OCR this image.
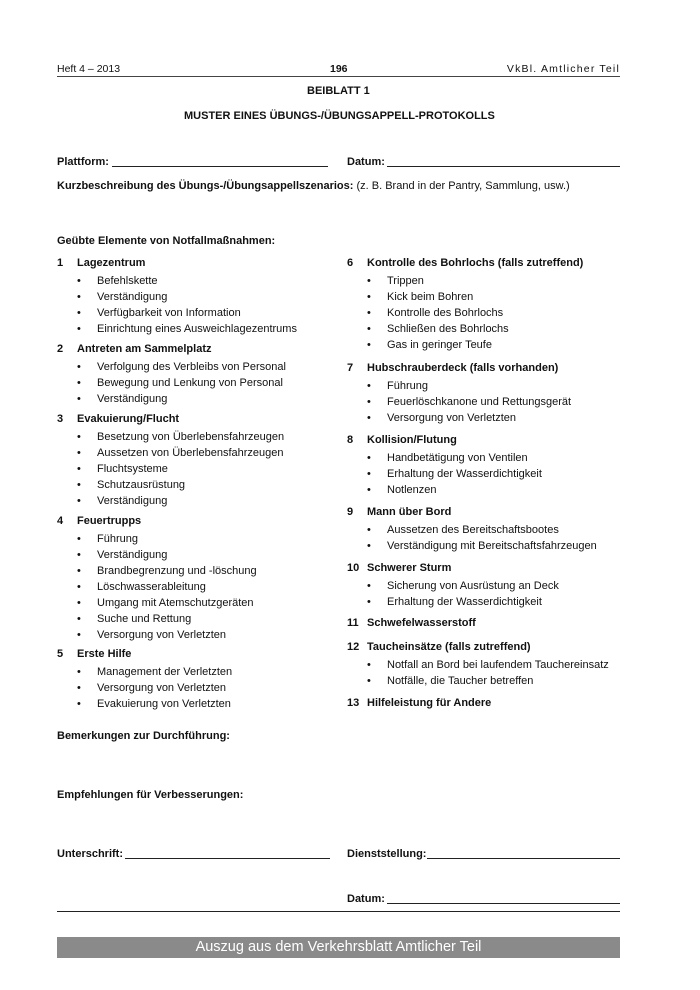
Heft 4 – 2013	196	VkBl. Amtlicher Teil
BEIBLATT 1
MUSTER EINES ÜBUNGS-/ÜBUNGSAPPELL-PROTOKOLLS
Plattform:	Datum:
Kurzbeschreibung des Übungs-/Übungsappellszenarios: (z. B. Brand in der Pantry, Sammlung, usw.)
Geübte Elemente von Notfallmaßnahmen:
1 Lagezentrum
• Befehlskette
• Verständigung
• Verfügbarkeit von Information
• Einrichtung eines Ausweichlagezentrums
2 Antreten am Sammelplatz
• Verfolgung des Verbleibs von Personal
• Bewegung und Lenkung von Personal
• Verständigung
3 Evakuierung/Flucht
• Besetzung von Überlebensfahrzeugen
• Aussetzen von Überlebensfahrzeugen
• Fluchtsysteme
• Schutzausrüstung
• Verständigung
4 Feuertrupps
• Führung
• Verständigung
• Brandbegrenzung und -löschung
• Löschwasserableitung
• Umgang mit Atemschutzgeräten
• Suche und Rettung
• Versorgung von Verletzten
5 Erste Hilfe
• Management der Verletzten
• Versorgung von Verletzten
• Evakuierung von Verletzten
6 Kontrolle des Bohrlochs (falls zutreffend)
• Trippen
• Kick beim Bohren
• Kontrolle des Bohrlochs
• Schließen des Bohrlochs
• Gas in geringer Teufe
7 Hubschrauberdeck (falls vorhanden)
• Führung
• Feuerlöschkanone und Rettungsgerät
• Versorgung von Verletzten
8 Kollision/Flutung
• Handbetätigung von Ventilen
• Erhaltung der Wasserdichtigkeit
• Notlenzen
9 Mann über Bord
• Aussetzen des Bereitschaftsbootes
• Verständigung mit Bereitschaftsfahrzeugen
10 Schwerer Sturm
• Sicherung von Ausrüstung an Deck
• Erhaltung der Wasserdichtigkeit
11 Schwefelwasserstoff
12 Taucheinsätze (falls zutreffend)
• Notfall an Bord bei laufendem Tauchereinsatz
• Notfälle, die Taucher betreffen
13 Hilfeleistung für Andere
Bemerkungen zur Durchführung:
Empfehlungen für Verbesserungen:
Unterschrift:	Dienststellung:
Datum:
Auszug aus dem Verkehrsblatt Amtlicher Teil
